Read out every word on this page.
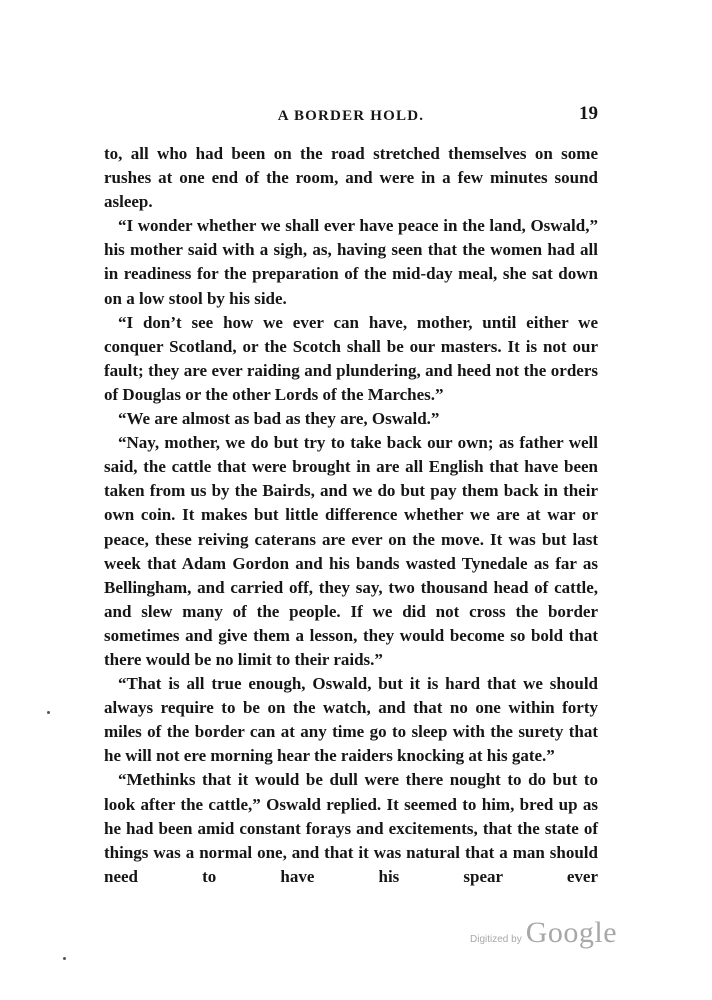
A BORDER HOLD.	19

to, all who had been on the road stretched themselves on some rushes at one end of the room, and were in a few minutes sound asleep.

“I wonder whether we shall ever have peace in the land, Oswald,” his mother said with a sigh, as, having seen that the women had all in readiness for the preparation of the mid-day meal, she sat down on a low stool by his side.

“I don’t see how we ever can have, mother, until either we conquer Scotland, or the Scotch shall be our masters. It is not our fault; they are ever raiding and plundering, and heed not the orders of Douglas or the other Lords of the Marches.”

“We are almost as bad as they are, Oswald.”

“Nay, mother, we do but try to take back our own; as father well said, the cattle that were brought in are all English that have been taken from us by the Bairds, and we do but pay them back in their own coin. It makes but little difference whether we are at war or peace, these reiving caterans are ever on the move. It was but last week that Adam Gordon and his bands wasted Tynedale as far as Bellingham, and carried off, they say, two thousand head of cattle, and slew many of the people. If we did not cross the border sometimes and give them a lesson, they would become so bold that there would be no limit to their raids.”

“That is all true enough, Oswald, but it is hard that we should always require to be on the watch, and that no one within forty miles of the border can at any time go to sleep with the surety that he will not ere morning hear the raiders knocking at his gate.”

“Methinks that it would be dull were there nought to do but to look after the cattle,” Oswald replied. It seemed to him, bred up as he had been amid constant forays and excitements, that the state of things was a normal one, and that it was natural that a man should need to have his spear ever

Digitized by Google
